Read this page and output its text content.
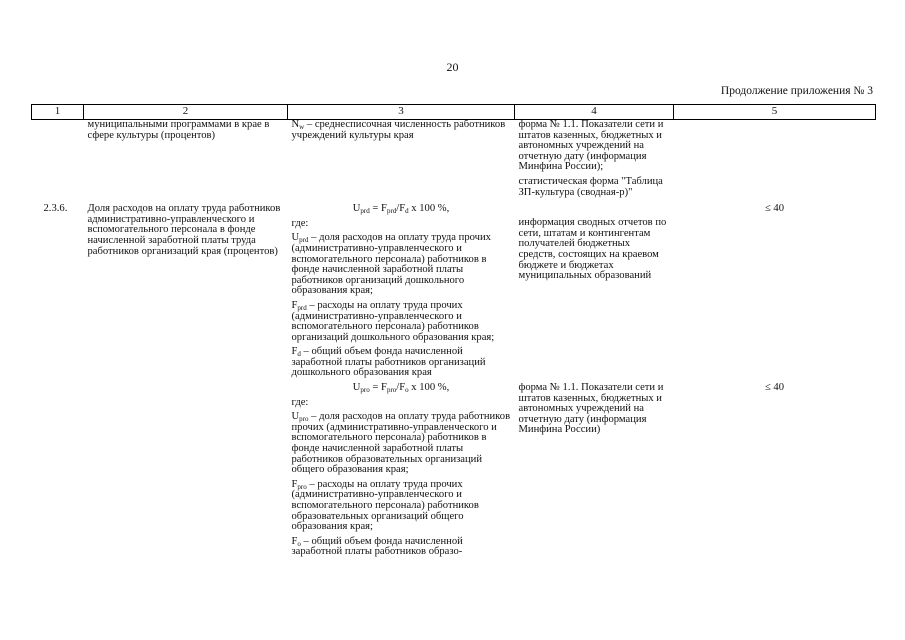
20
Продолжение приложения № 3
1	2	3	4	5
	муниципальными программами в крае в сфере культуры (процентов)	$N_w$ – среднесписочная численность работников учреждений культуры края	форма № 1.1. Показатели сети и штатов казенных, бюджетных и автономных учреждений на отчетную дату (информация Минфина России);
статистическая форма "Таблица ЗП-культура (сводная-р)"	

2.3.6.	Доля расходов на оплату труда работников административно-управленческого и вспомогательного персонала в фонде начисленной заработной платы труда работников организаций края (процентов)	$U_{prd} = F_{prd}/F_d$ x 100 %,
где:
$U_{prd}$ – доля расходов на оплату труда прочих (административно-управленческого и вспомогательного персонала) работников в фонде начисленной заработной платы работников организаций дошкольного образования края;
$F_{prd}$ – расходы на оплату труда прочих (административно-управленческого и вспомогательного персонала) работников организаций дошкольного образования края;
$F_d$ – общий объем фонда начисленной заработной платы работников организаций дошкольного образования края	информация сводных отчетов по сети, штатам и контингентам получателей бюджетных средств, состоящих на краевом бюджете и бюджетах муниципальных образований	≤ 40

		$U_{pro} = F_{pro}/F_o$ x 100 %,
где:
$U_{pro}$ – доля расходов на оплату труда работников прочих (административно-управленческого и вспомогательного персонала) работников в фонде начисленной заработной платы работников образовательных организаций общего образования края;
$F_{pro}$ – расходы на оплату труда прочих (административно-управленческого и вспомогательного персонала) работников образовательных организаций общего образования края;
$F_o$ – общий объем фонда начисленной заработной платы работников образо-	форма № 1.1. Показатели сети и штатов казенных, бюджетных и автономных учреждений на отчетную дату (информация Минфина России)	≤ 40
